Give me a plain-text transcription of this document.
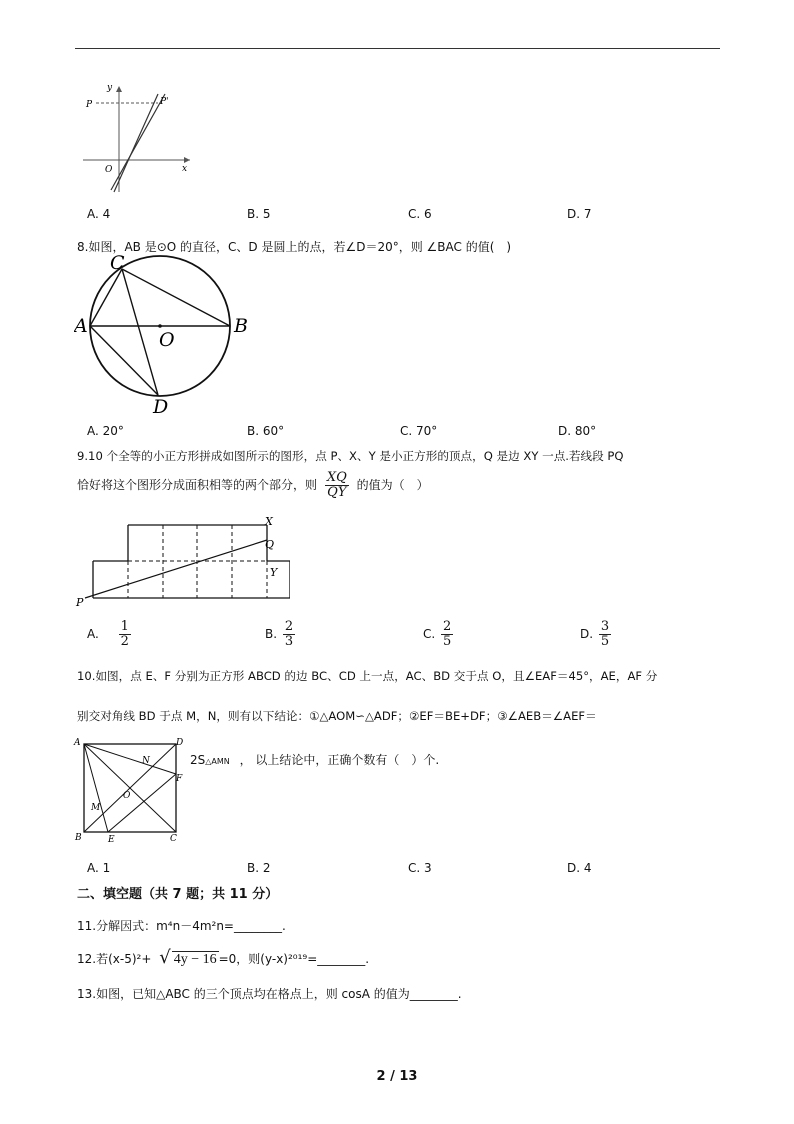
y
P	P'
O	x
A. 4	B. 5	C. 6	D. 7
8.如图，AB 是⊙O 的直径，C、D 是圆上的点，若∠D＝20°，则 ∠BAC 的值(　)
C
A	B
O
D
A. 20°	B. 60°	C. 70°	D. 80°
9.10 个全等的小正方形拼成如图所示的图形，点 P、X、Y 是小正方形的顶点，Q 是边 XY 一点.若线段 PQ
恰好将这个图形分成面积相等的两个部分，则 $\frac{XQ}{QY}$ 的值为（　）
X
Q
Y
P
A. $\frac{1}{2}$	B. $\frac{2}{3}$	C. $\frac{2}{5}$	D. $\frac{3}{5}$
10.如图，点 E、F 分别为正方形 ABCD 的边 BC、CD 上一点，AC、BD 交于点 O，且∠EAF＝45°，AE，AF 分
别交对角线 BD 于点 M，N，则有以下结论：①△AOM∽△ADF；②EF＝BE+DF；③∠AEB＝∠AEF＝
A	D
N
F
O
M
B	E	C
2S△AMN ， 以上结论中，正确个数有（　）个.
A. 1	B. 2	C. 3	D. 4
二、填空题（共 7 题；共 11 分）
11.分解因式：m⁴n－4m²n=________.
12.若(x-5)²+ √ 4y − 16 =0，则(y-x)²⁰¹⁹=________.
13.如图，已知△ABC 的三个顶点均在格点上，则 cosA 的值为________.
2 / 13
